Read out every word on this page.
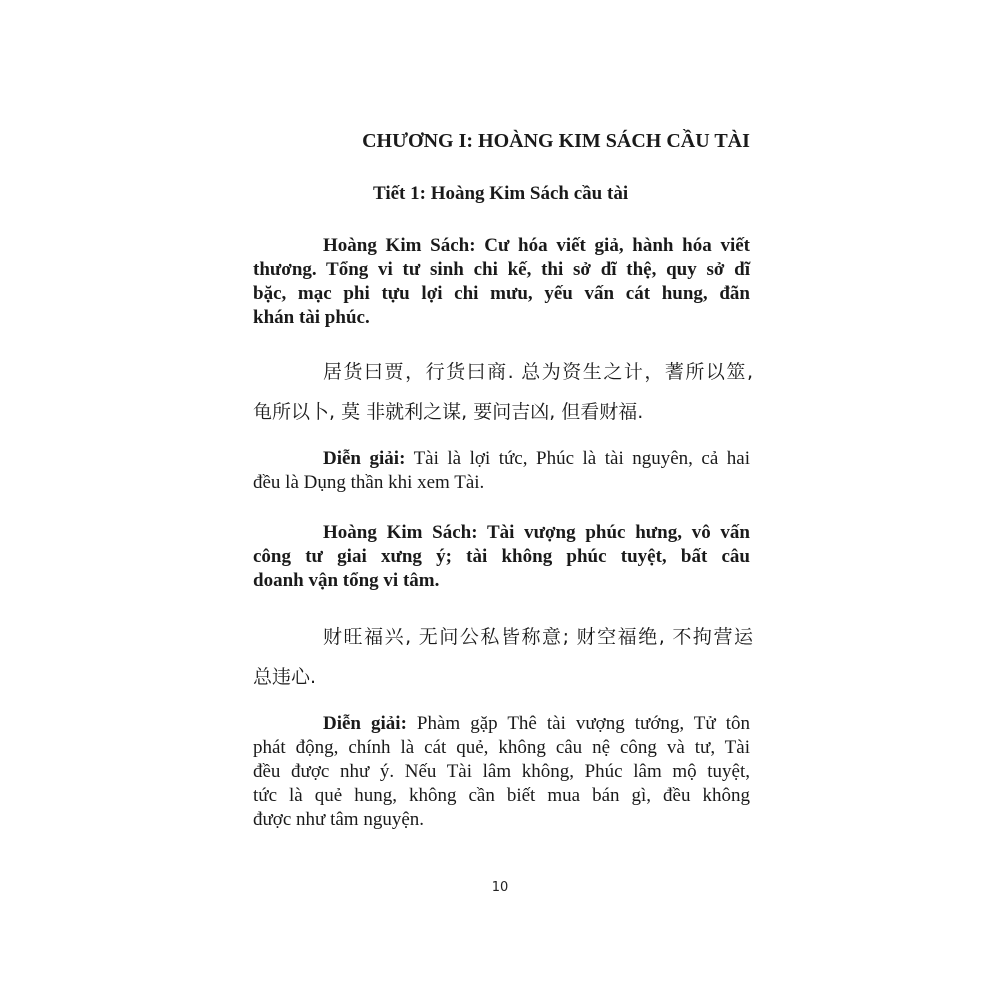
CHƯƠNG I: HOÀNG KIM SÁCH CẦU TÀI
Tiết 1: Hoàng Kim Sách cầu tài
Hoàng Kim Sách: Cư hóa viết giả, hành hóa viết
thương. Tổng vi tư sinh chi kế, thi sở dĩ thệ, quy sở dĩ
bặc, mạc phi tựu lợi chi mưu, yếu vấn cát hung, đãn
khán tài phúc.
居货曰贾，行货曰商. 总为资生之计，蓍所以筮,
龟所以卜, 莫 非就利之谋, 要问吉凶, 但看财福.
Diễn giải: Tài là lợi tức, Phúc là tài nguyên, cả hai
đều là Dụng thần khi xem Tài.
Hoàng Kim Sách: Tài vượng phúc hưng, vô vấn
công tư giai xưng ý; tài không phúc tuyệt, bất câu
doanh vận tổng vi tâm.
财旺福兴, 无问公私皆称意; 财空福绝, 不拘营运
总违心.
Diễn giải: Phàm gặp Thê tài vượng tướng, Tử tôn
phát động, chính là cát quẻ, không câu nệ công và tư, Tài
đều được như ý. Nếu Tài lâm không, Phúc lâm mộ tuyệt,
tức là quẻ hung, không cần biết mua bán gì, đều không
được như tâm nguyện.
10
